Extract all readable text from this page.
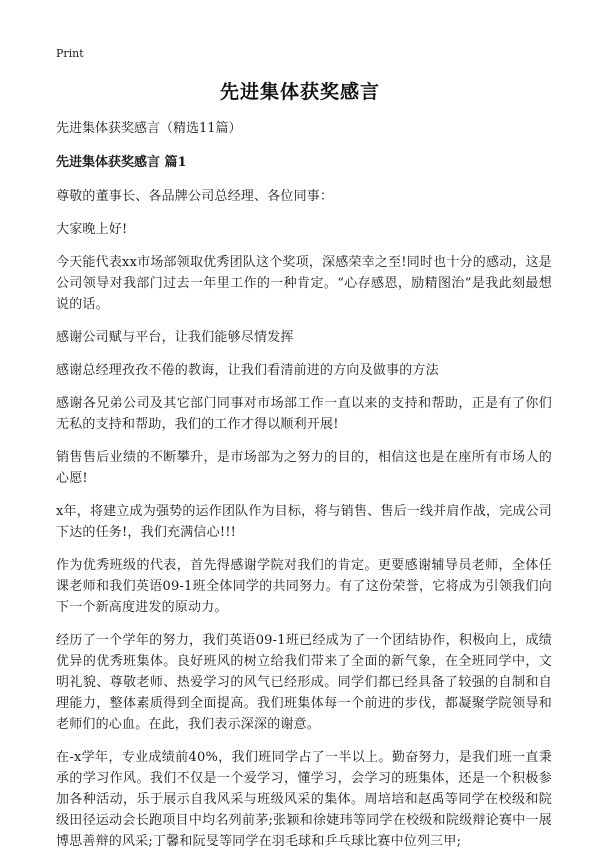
Print
先进集体获奖感言

先进集体获奖感言（精选11篇）

先进集体获奖感言 篇1

尊敬的董事长、各品牌公司总经理、各位同事：

大家晚上好!

今天能代表xx市场部领取优秀团队这个奖项，深感荣幸之至!同时也十分的感动，这是公司领导对我部门过去一年里工作的一种肯定。“心存感恩，励精图治”是我此刻最想说的话。

感谢公司赋与平台，让我们能够尽情发挥

感谢总经理孜孜不倦的教诲，让我们看清前进的方向及做事的方法

感谢各兄弟公司及其它部门同事对市场部工作一直以来的支持和帮助，正是有了你们无私的支持和帮助，我们的工作才得以顺利开展!

销售售后业绩的不断攀升，是市场部为之努力的目的，相信这也是在座所有市场人的心愿!

x年，将建立成为强势的运作团队作为目标，将与销售、售后一线并肩作战，完成公司下达的任务!，我们充满信心!!!

作为优秀班级的代表，首先得感谢学院对我们的肯定。更要感谢辅导员老师，全体任课老师和我们英语09-1班全体同学的共同努力。有了这份荣誉，它将成为引领我们向下一个新高度进发的原动力。

经历了一个学年的努力，我们英语09-1班已经成为了一个团结协作，积极向上，成绩优异的优秀班集体。良好班风的树立给我们带来了全面的新气象，在全班同学中，文明礼貌、尊敬老师、热爱学习的风气已经形成。同学们都已经具备了较强的自制和自理能力，整体素质得到全面提高。我们班集体每一个前进的步伐，都凝聚学院领导和老师们的心血。在此，我们表示深深的谢意。

在-x学年，专业成绩前40%，我们班同学占了一半以上。勤奋努力，是我们班一直秉承的学习作风。我们不仅是一个爱学习，懂学习，会学习的班集体，还是一个积极参加各种活动，乐于展示自我风采与班级风采的集体。周培培和赵禹等同学在校级和院级田径运动会长跑项目中均名列前茅;张颖和徐婕玮等同学在校级和院级辩论赛中一展博思善辩的风采;丁馨和阮旻等同学在羽毛球和乒乓球比赛中位列三甲;
